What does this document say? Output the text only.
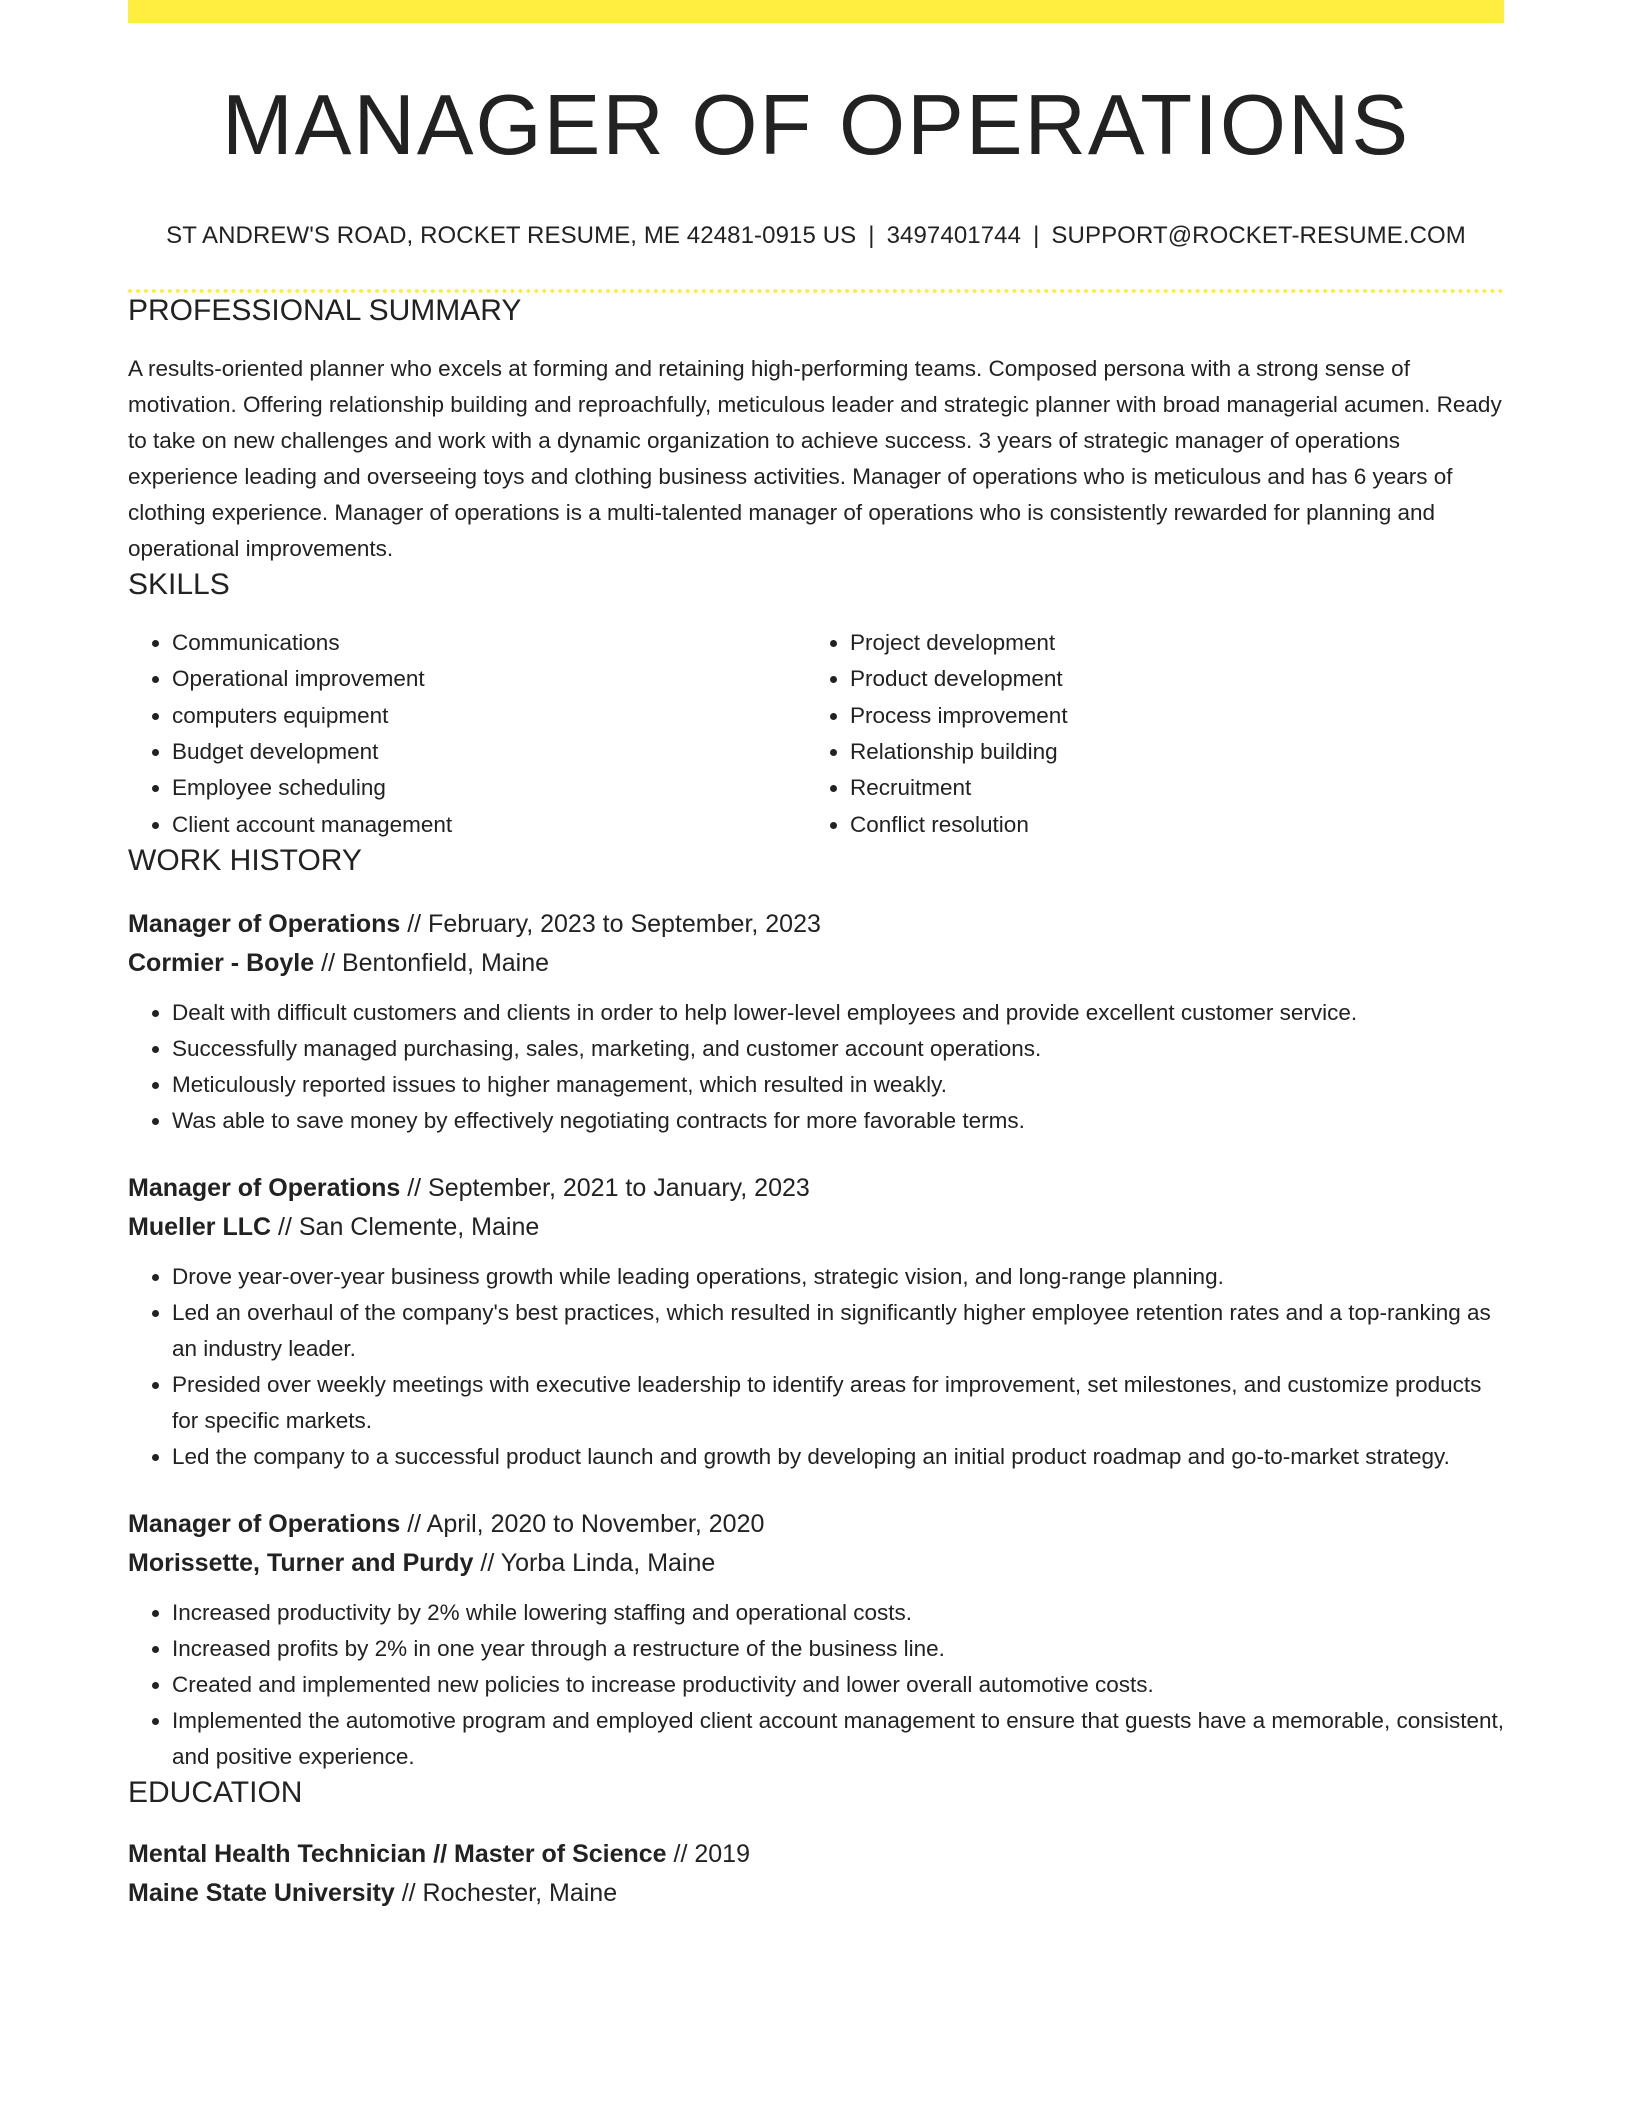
MANAGER OF OPERATIONS
ST ANDREW'S ROAD, ROCKET RESUME, ME 42481-0915 US | 3497401744 | SUPPORT@ROCKET-RESUME.COM
PROFESSIONAL SUMMARY
A results-oriented planner who excels at forming and retaining high-performing teams. Composed persona with a strong sense of motivation. Offering relationship building and reproachfully, meticulous leader and strategic planner with broad managerial acumen. Ready to take on new challenges and work with a dynamic organization to achieve success. 3 years of strategic manager of operations experience leading and overseeing toys and clothing business activities. Manager of operations who is meticulous and has 6 years of clothing experience. Manager of operations is a multi-talented manager of operations who is consistently rewarded for planning and operational improvements.
SKILLS
• Communications
• Operational improvement
• computers equipment
• Budget development
• Employee scheduling
• Client account management
• Project development
• Product development
• Process improvement
• Relationship building
• Recruitment
• Conflict resolution
WORK HISTORY
Manager of Operations // February, 2023 to September, 2023
Cormier - Boyle // Bentonfield, Maine
• Dealt with difficult customers and clients in order to help lower-level employees and provide excellent customer service.
• Successfully managed purchasing, sales, marketing, and customer account operations.
• Meticulously reported issues to higher management, which resulted in weakly.
• Was able to save money by effectively negotiating contracts for more favorable terms.
Manager of Operations // September, 2021 to January, 2023
Mueller LLC // San Clemente, Maine
• Drove year-over-year business growth while leading operations, strategic vision, and long-range planning.
• Led an overhaul of the company's best practices, which resulted in significantly higher employee retention rates and a top-ranking as an industry leader.
• Presided over weekly meetings with executive leadership to identify areas for improvement, set milestones, and customize products for specific markets.
• Led the company to a successful product launch and growth by developing an initial product roadmap and go-to-market strategy.
Manager of Operations // April, 2020 to November, 2020
Morissette, Turner and Purdy // Yorba Linda, Maine
• Increased productivity by 2% while lowering staffing and operational costs.
• Increased profits by 2% in one year through a restructure of the business line.
• Created and implemented new policies to increase productivity and lower overall automotive costs.
• Implemented the automotive program and employed client account management to ensure that guests have a memorable, consistent, and positive experience.
EDUCATION
Mental Health Technician // Master of Science // 2019
Maine State University // Rochester, Maine
